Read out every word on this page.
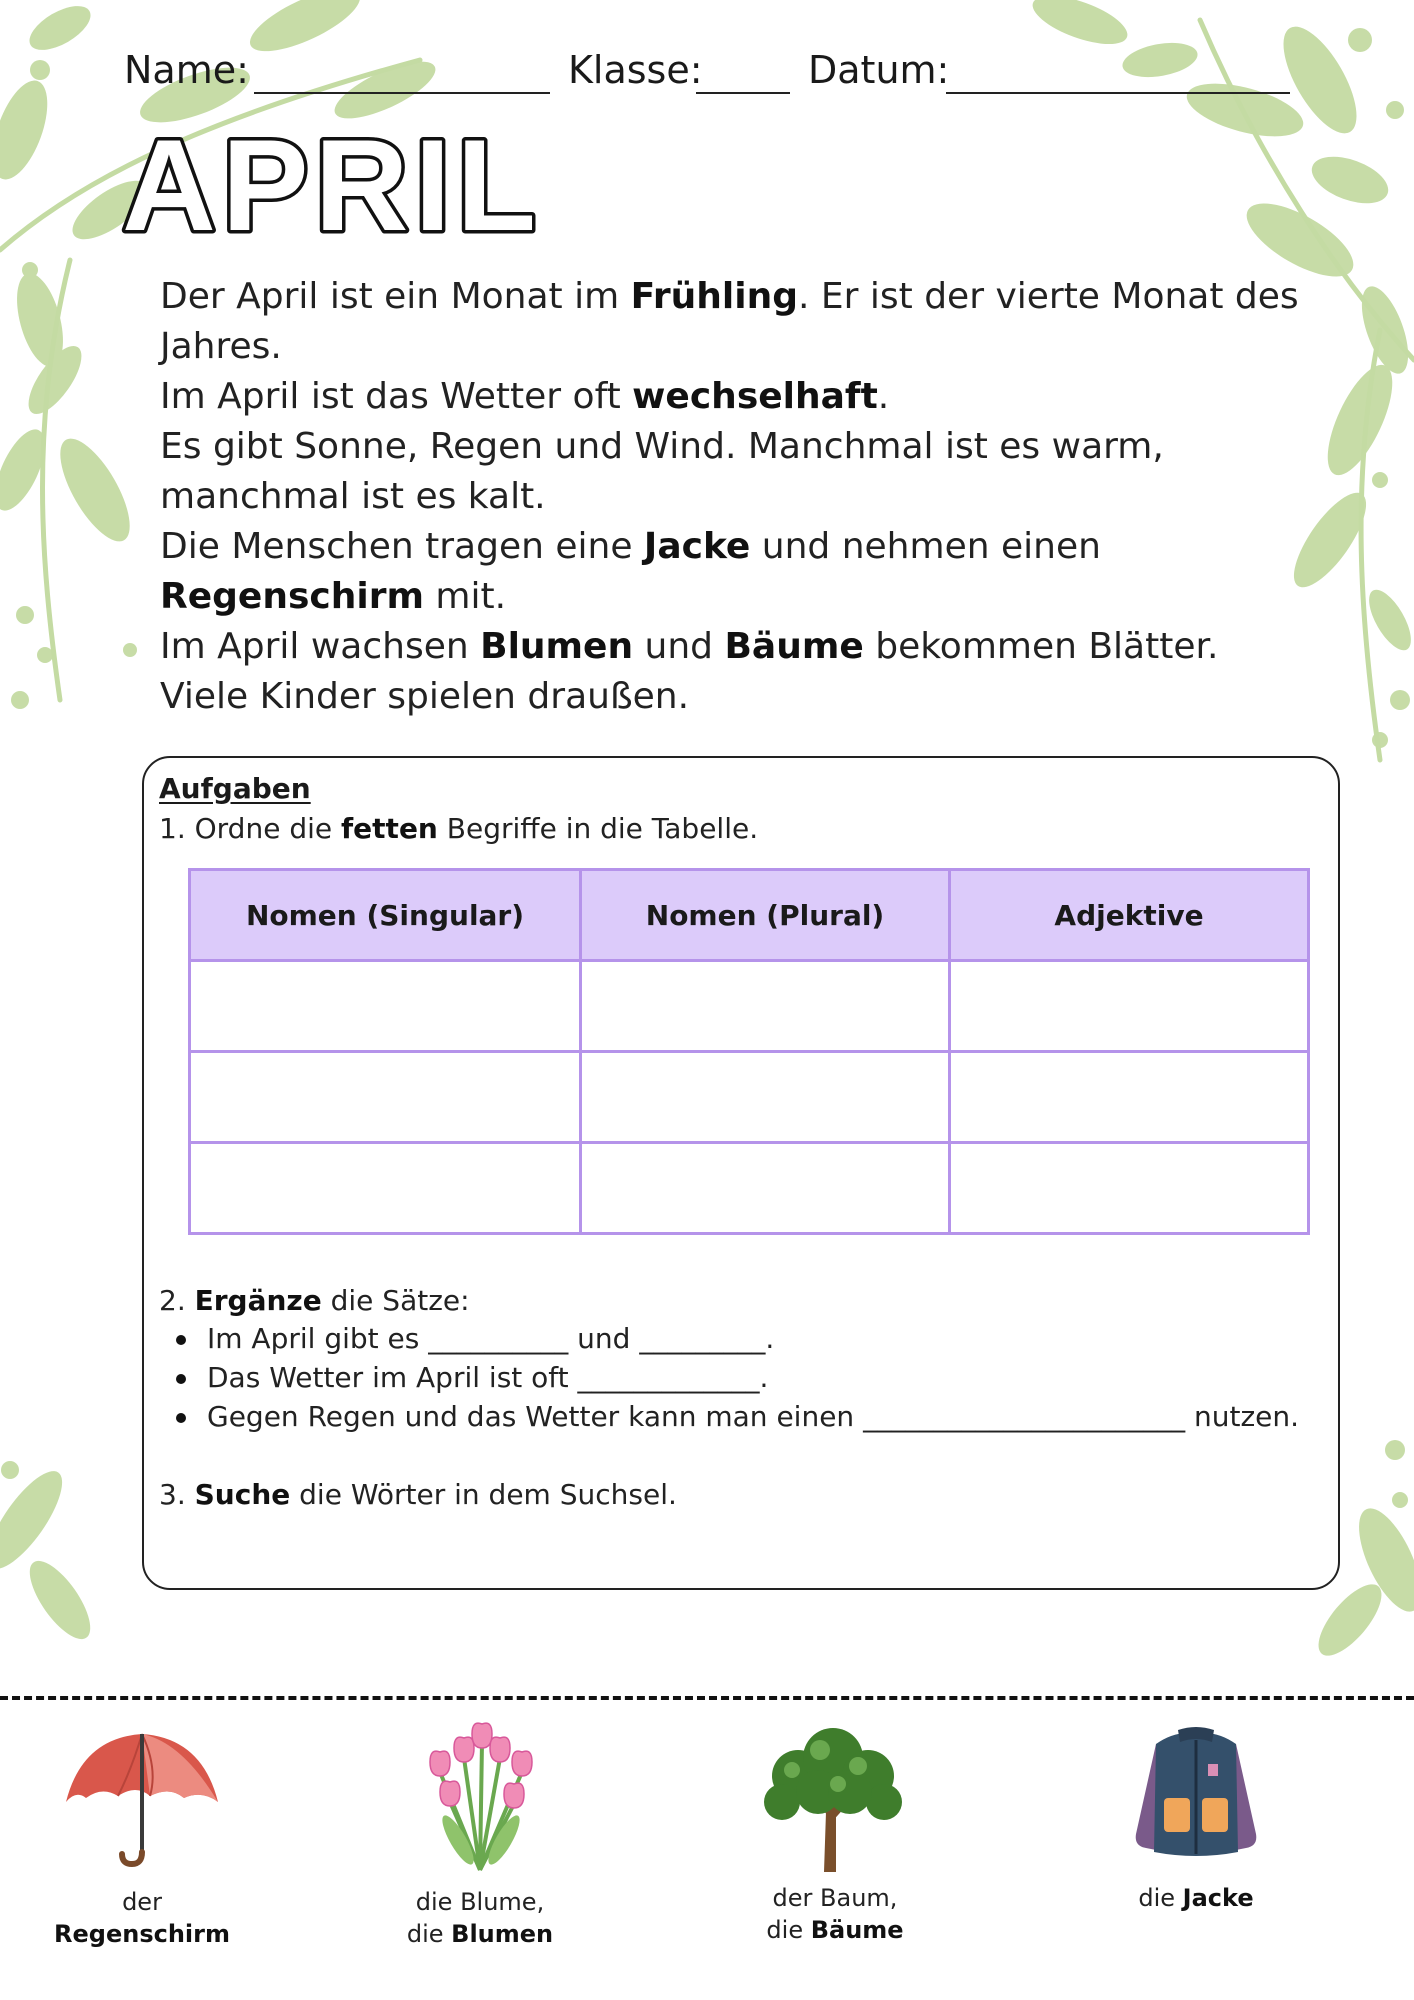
Name:	Klasse:	Datum:
APRIL

Der April ist ein Monat im Frühling. Er ist der vierte Monat des Jahres.

Im April ist das Wetter oft wechselhaft.

Es gibt Sonne, Regen und Wind. Manchmal ist es warm, manchmal ist es kalt.

Die Menschen tragen eine Jacke und nehmen einen Regenschirm mit.

Im April wachsen Blumen und Bäume bekommen Blätter. Viele Kinder spielen draußen.

Aufgaben
1. Ordne die fetten Begriffe in die Tabelle.
Nomen (Singular)	Nomen (Plural)	Adjektive

2. Ergänze die Sätze:
Im April gibt es __________ und _________.
Das Wetter im April ist oft _____________.
Gegen Regen und das Wetter kann man einen _______________________ nutzen.
3. Suche die Wörter in dem Suchsel.
der Regenschirm
die Blume,
die Blumen
der Baum,
die Bäume
die Jacke
